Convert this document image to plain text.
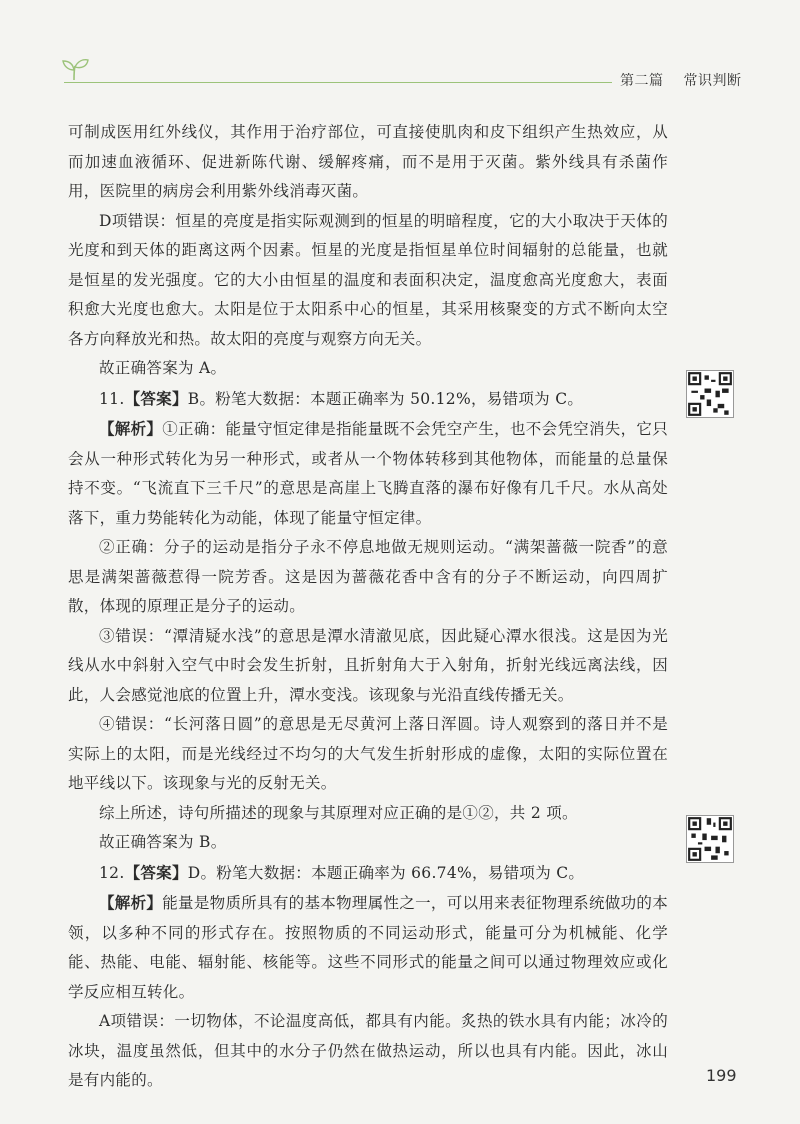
第二篇 常识判断

可制成医用红外线仪，其作用于治疗部位，可直接使肌肉和皮下组织产生热效应，从而加速血液循环、促进新陈代谢、缓解疼痛，而不是用于灭菌。紫外线具有杀菌作用，医院里的病房会利用紫外线消毒灭菌。

D项错误：恒星的亮度是指实际观测到的恒星的明暗程度，它的大小取决于天体的光度和到天体的距离这两个因素。恒星的光度是指恒星单位时间辐射的总能量，也就是恒星的发光强度。它的大小由恒星的温度和表面积决定，温度愈高光度愈大，表面积愈大光度也愈大。太阳是位于太阳系中心的恒星，其采用核聚变的方式不断向太空各方向释放光和热。故太阳的亮度与观察方向无关。

故正确答案为 A。

11.【答案】B。粉笔大数据：本题正确率为 50.12%，易错项为 C。

【解析】①正确：能量守恒定律是指能量既不会凭空产生，也不会凭空消失，它只会从一种形式转化为另一种形式，或者从一个物体转移到其他物体，而能量的总量保持不变。“飞流直下三千尺”的意思是高崖上飞腾直落的瀑布好像有几千尺。水从高处落下，重力势能转化为动能，体现了能量守恒定律。

②正确：分子的运动是指分子永不停息地做无规则运动。“满架蔷薇一院香”的意思是满架蔷薇惹得一院芳香。这是因为蔷薇花香中含有的分子不断运动，向四周扩散，体现的原理正是分子的运动。

③错误：“潭清疑水浅”的意思是潭水清澈见底，因此疑心潭水很浅。这是因为光线从水中斜射入空气中时会发生折射，且折射角大于入射角，折射光线远离法线，因此，人会感觉池底的位置上升，潭水变浅。该现象与光沿直线传播无关。

④错误：“长河落日圆”的意思是无尽黄河上落日浑圆。诗人观察到的落日并不是实际上的太阳，而是光线经过不均匀的大气发生折射形成的虚像，太阳的实际位置在地平线以下。该现象与光的反射无关。

综上所述，诗句所描述的现象与其原理对应正确的是①②，共 2 项。

故正确答案为 B。

12.【答案】D。粉笔大数据：本题正确率为 66.74%，易错项为 C。

【解析】能量是物质所具有的基本物理属性之一，可以用来表征物理系统做功的本领，以多种不同的形式存在。按照物质的不同运动形式，能量可分为机械能、化学能、热能、电能、辐射能、核能等。这些不同形式的能量之间可以通过物理效应或化学反应相互转化。

A项错误：一切物体，不论温度高低，都具有内能。炙热的铁水具有内能；冰冷的冰块，温度虽然低，但其中的水分子仍然在做热运动，所以也具有内能。因此，冰山是有内能的。	199
